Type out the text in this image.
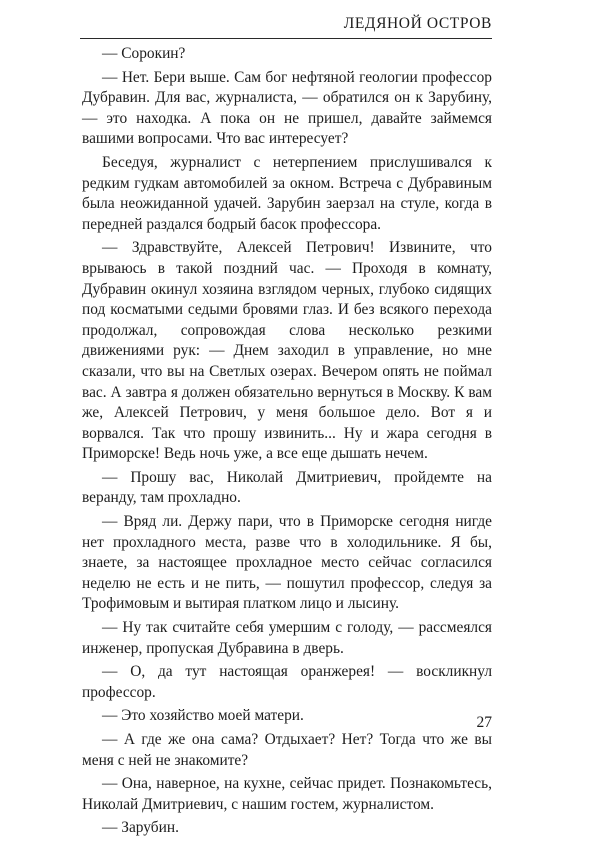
ЛЕДЯНОЙ ОСТРОВ

— Сорокин?

— Нет. Бери выше. Сам бог нефтяной геологии профессор Дубравин. Для вас, журналиста, — обратился он к Зарубину, — это находка. А пока он не пришел, давайте займемся вашими вопросами. Что вас интересует?

Беседуя, журналист с нетерпением прислушивался к редким гудкам автомобилей за окном. Встреча с Дубравиным была неожиданной удачей. Зарубин заерзал на стуле, когда в передней раздался бодрый басок профессора.

— Здравствуйте, Алексей Петрович! Извините, что врываюсь в такой поздний час. — Проходя в комнату, Дубравин окинул хозяина взглядом черных, глубоко сидящих под косматыми седыми бровями глаз. И без всякого перехода продолжал, сопровождая слова несколько резкими движениями рук: — Днем заходил в управление, но мне сказали, что вы на Светлых озерах. Вечером опять не поймал вас. А завтра я должен обязательно вернуться в Москву. К вам же, Алексей Петрович, у меня большое дело. Вот я и ворвался. Так что прошу извинить... Ну и жара сегодня в Приморске! Ведь ночь уже, а все еще дышать нечем.

— Прошу вас, Николай Дмитриевич, пройдемте на веранду, там прохладно.

— Вряд ли. Держу пари, что в Приморске сегодня нигде нет прохладного места, разве что в холодильнике. Я бы, знаете, за настоящее прохладное место сейчас согласился неделю не есть и не пить, — пошутил профессор, следуя за Трофимовым и вытирая платком лицо и лысину.

— Ну так считайте себя умершим с голоду, — рассмеялся инженер, пропуская Дубравина в дверь.

— О, да тут настоящая оранжерея! — воскликнул профессор.

— Это хозяйство моей матери.

— А где же она сама? Отдыхает? Нет? Тогда что же вы меня с ней не знакомите?

— Она, наверное, на кухне, сейчас придет. Познакомьтесь, Николай Дмитриевич, с нашим гостем, журналистом.

— Зарубин.

27
